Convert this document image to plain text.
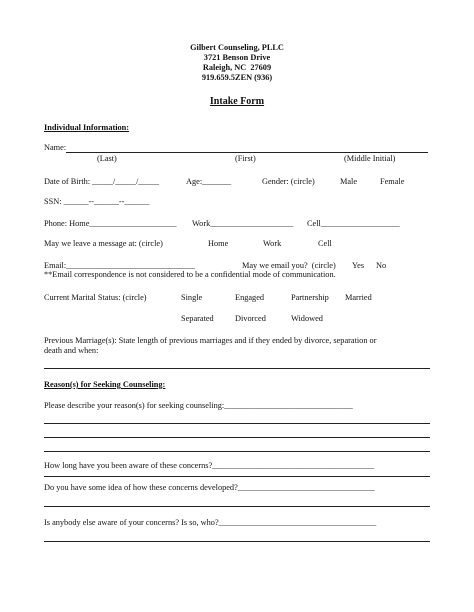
Gilbert Counseling, PLLC
3721 Benson Drive
Raleigh, NC  27609
919.659.5ZEN (936)
Intake Form
Individual Information:
Name:
(Last)	(First)	(Middle Initial)
Date of Birth: _____/_____/_____	Age:_______	Gender: (circle)	Male	Female
SSN: ______--______--______
Phone: Home_____________________ Work____________________ Cell___________________
May we leave a message at: (circle)	Home	Work	Cell
Email:_______________________________	May we email you?  (circle) Yes No
**Email correspondence is not considered to be a confidential mode of communication.
Current Marital Status: (circle)	Single	Engaged	Partnership Married
Separated	Divorced	Widowed
Previous Marriage(s): State length of previous marriages and if they ended by divorce, separation or
death and when:
Reason(s) for Seeking Counseling:
Please describe your reason(s) for seeking counseling:_______________________________
How long have you been aware of these concerns?_______________________________________
Do you have some idea of how these concerns developed?_________________________________
Is anybody else aware of your concerns? Is so, who?______________________________________
